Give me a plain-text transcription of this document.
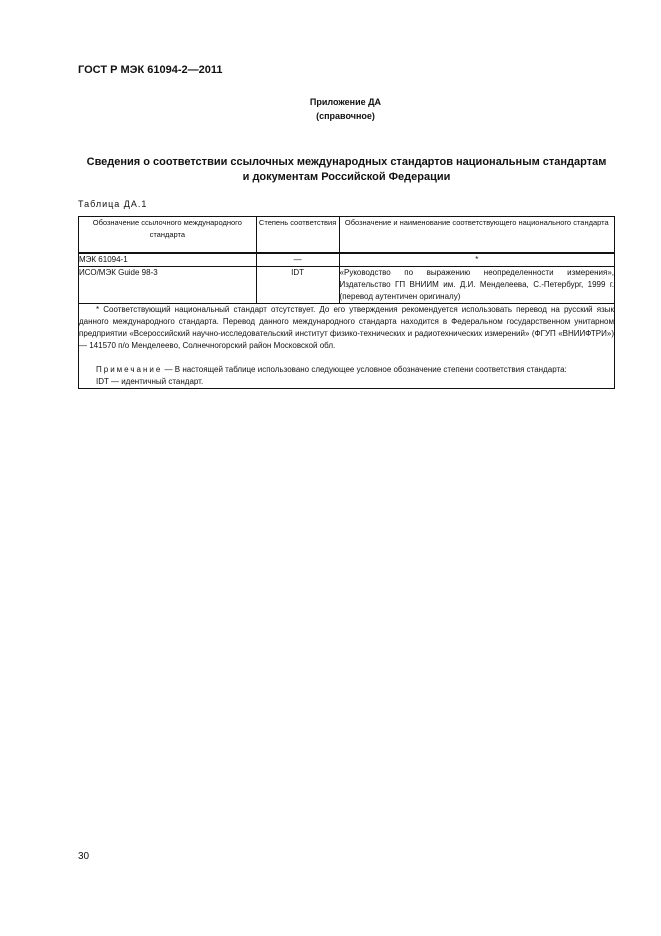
ГОСТ Р МЭК 61094-2—2011
Приложение ДА
(справочное)
Сведения о соответствии ссылочных международных стандартов национальным стандартам
и документам Российской Федерации
Таблица ДА.1
Обозначение ссылочного международного стандарта	Степень соответствия	Обозначение и наименование соответствующего национального стандарта
МЭК 61094-1	—	*
ИСО/МЭК Guide 98-3	IDT	«Руководство по выражению неопределенности измерения», Издательство ГП ВНИИМ им. Д.И. Менделеева, С.-Петербург, 1999 г. (перевод аутентичен оригиналу)

* Соответствующий национальный стандарт отсутствует. До его утверждения рекомендуется использовать перевод на русский язык данного международного стандарта. Перевод данного международного стандарта находится в Федеральном государственном унитарном предприятии «Всероссийский научно-исследовательский институт физико-технических и радиотехнических измерений» (ФГУП «ВНИИФТРИ») — 141570 п/о Менделеево, Солнечногорский район Московской обл.

Примечание — В настоящей таблице использовано следующее условное обозначение степени соответствия стандарта:

IDT — идентичный стандарт.		

30
